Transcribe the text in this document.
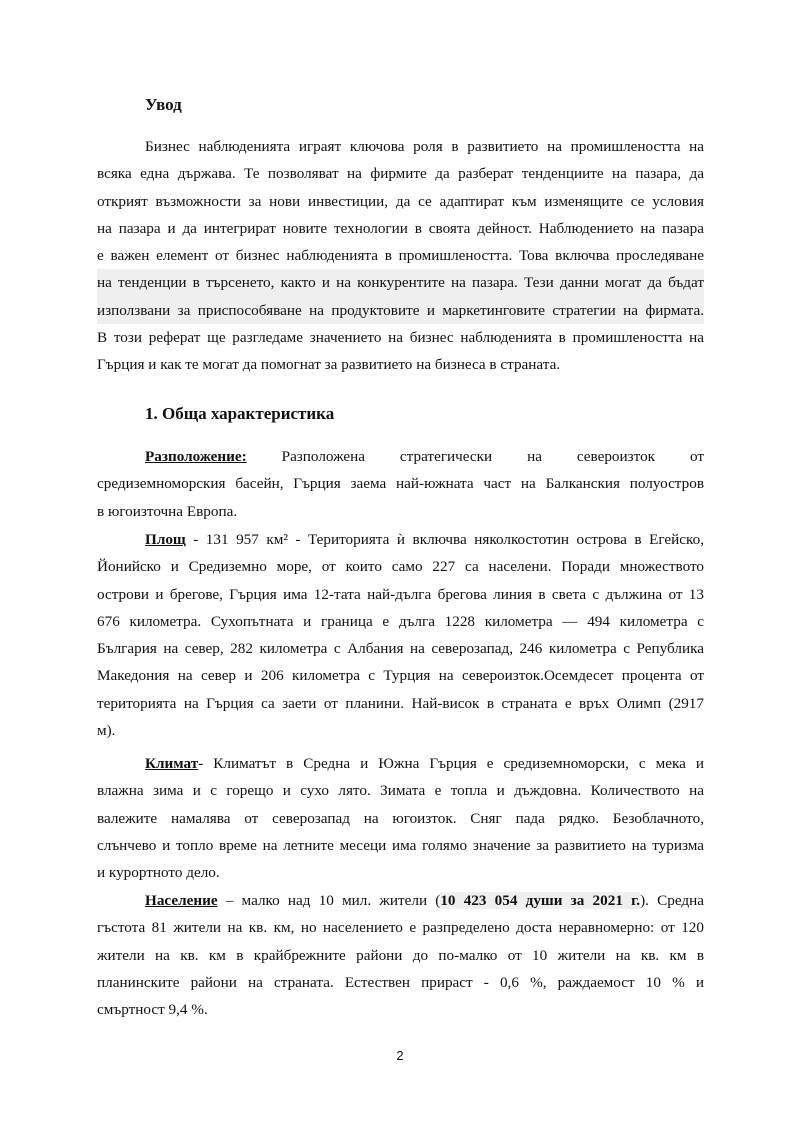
Увод
Бизнес наблюденията играят ключова роля в развитието на промишлеността на
всяка една държава. Те позволяват на фирмите да разберат тенденциите на пазара, да
открият възможности за нови инвестиции, да се адаптират към изменящите се условия
на пазара и да интегрират новите технологии в своята дейност. Наблюдението на пазара
е важен елемент от бизнес наблюденията в промишлеността. Това включва проследяване
на тенденции в търсенето, както и на конкурентите на пазара. Тези данни могат да бъдат
използвани за приспособяване на продуктовите и маркетинговите стратегии на фирмата.
В този реферат ще разгледаме значението на бизнес наблюденията в промишлеността на
Гърция и как те могат да помогнат за развитието на бизнеса в страната.
1. Обща характеристика
Разположение: Разположена стратегически на североизток от
средиземноморския басейн, Гърция заема най-южната част на Балканския полуостров
в югоизточна Европа.
Площ - 131 957 км² - Територията ѝ включва няколкостотин острова в Егейско,
Йонийско и Средиземно море, от които само 227 са населени. Поради множеството
острови и брегове, Гърция има 12-тата най-дълга брегова линия в света с дължина от 13
676 километра. Сухопътната и граница е дълга 1228 километра — 494 километра с
България на север, 282 километра с Албания на северозапад, 246 километра с Република
Македония на север и 206 километра с Турция на североизток.Осемдесет процента от
територията на Гърция са заети от планини. Най-висок в страната е връх Олимп (2917
м).
Климат- Климатът в Средна и Южна Гърция е средиземноморски, с мека и
влажна зима и с горещо и сухо лято. Зимата е топла и дъждовна. Количеството на
валежите намалява от северозапад на югоизток. Сняг пада рядко. Безоблачното,
слънчево и топло време на летните месеци има голямо значение за развитието на туризма
и курортното дело.
Население – малко над 10 мил. жители (10 423 054 души за 2021 г.). Средна
гъстота 81 жители на кв. км, но населението е разпределено доста неравномерно: от 120
жители на кв. км в крайбрежните райони до по-малко от 10 жители на кв. км в
планинските райони на страната. Естествен прираст - 0,6 %, раждаемост 10 % и
смъртност 9,4 %.
2
